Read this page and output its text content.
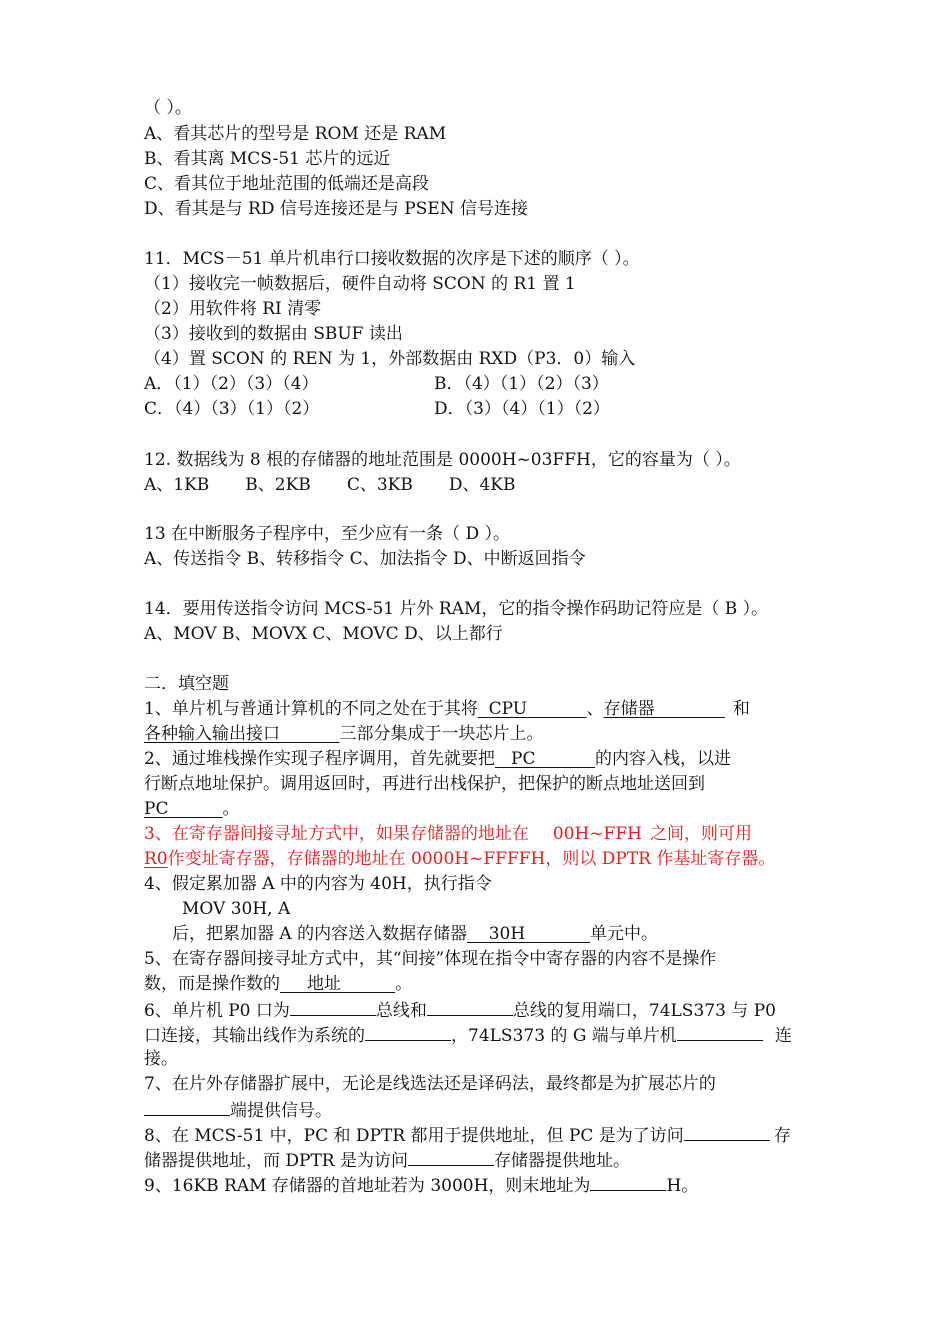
（ ）。
A、看其芯片的型号是 ROM 还是 RAM
B、看其离 MCS-51 芯片的远近
C、看其位于地址范围的低端还是高段
D、看其是与 RD 信号连接还是与 PSEN 信号连接
11．MCS－51 单片机串行口接收数据的次序是下述的顺序（ ）。
（1）接收完一帧数据后，硬件自动将 SCON 的 R1 置 1
（2）用软件将 RI 清零
（3）接收到的数据由 SBUF 读出
（4）置 SCON 的 REN 为 1，外部数据由 RXD（P3．0）输入
A．（1）（2）（3）（4）	B．（4）（1）（2）（3）
C．（4）（3）（1）（2）	D．（3）（4）（1）（2）
12. 数据线为 8 根的存储器的地址范围是 0000H~03FFH，它的容量为（ ）。
A、1KB B、2KB C、3KB D、4KB
13 在中断服务子程序中，至少应有一条（ D ）。
A、传送指令 B、转移指令 C、加法指令 D、中断返回指令
14．要用传送指令访问 MCS-51 片外 RAM，它的指令操作码助记符应是（ B ）。
A、MOV B、MOVX C、MOVC D、以上都行
二．填空题
1、单片机与普通计算机的不同之处在于其将 CPU	、存储器	和
各种输入输出接口	三部分集成于一块芯片上。
2、通过堆栈操作实现子程序调用，首先就要把 PC	的内容入栈，以进
行断点地址保护。调用返回时，再进行出栈保护，把保护的断点地址送回到
PC	。
3、在寄存器间接寻址方式中，如果存储器的地址在 00H~FFH 之间，则可用
R0作变址寄存器，存储器的地址在 0000H~FFFFH，则以 DPTR 作基址寄存器。
4、假定累加器 A 中的内容为 40H，执行指令
MOV 30H, A
后，把累加器 A 的内容送入数据存储器 30H	单元中。
5、在寄存器间接寻址方式中，其“间接”体现在指令中寄存器的内容不是操作
数，而是操作数的 地址	。
6、单片机 P0 口为	总线和	总线的复用端口，74LS373 与 P0
口连接，其输出线作为系统的	，74LS373 的 G 端与单片机	连
接。
7、在片外存储器扩展中，无论是线选法还是译码法，最终都是为扩展芯片的
端提供信号。
8、在 MCS-51 中，PC 和 DPTR 都用于提供地址，但 PC 是为了访问	存
储器提供地址，而 DPTR 是为访问	存储器提供地址。
9、16KB RAM 存储器的首地址若为 3000H，则末地址为	H。
